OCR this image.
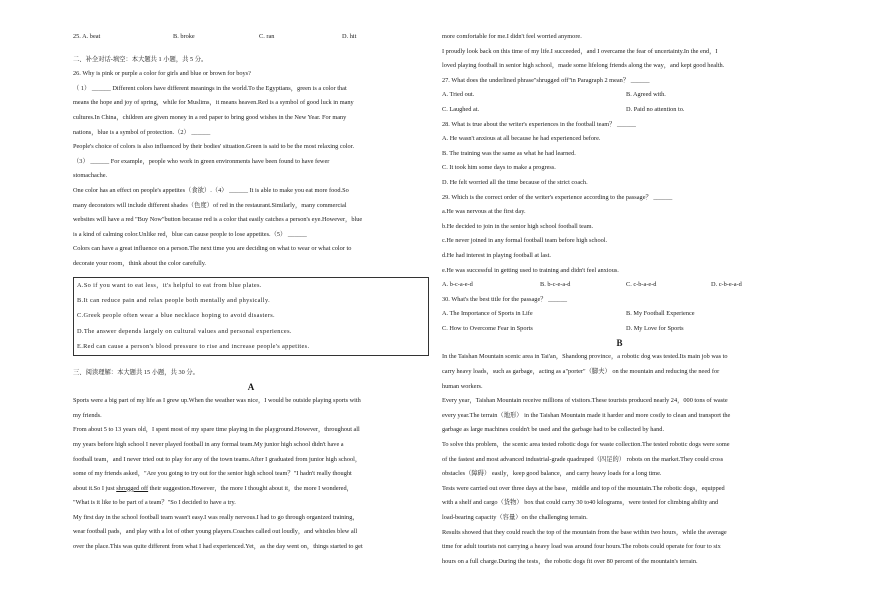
25. A. beat	B. broke	C. ran	D. hit
二、补全对话-填空：本大题共 1 小题，共 5 分。
26. Why is pink or purple a color for girls and blue or brown for boys?
（ 1） ______ Different colors have different meanings in the world.To the Egyptians，green is a color that
means the hope and joy of spring，while for Muslims，it means heaven.Red is a symbol of good luck in many
cultures.In China，children are given money in a red paper to bring good wishes in the New Year. For many
nations，blue is a symbol of protection.（2） ______
People's choice of colors is also influenced by their bodies' situation.Green is said to be the most relaxing color.
（3） ______ For example，people who work in green environments have been found to have fewer
stomachache.
One color has an effect on people's appetites（食欲）.（4） ______ It is able to make you eat more food.So
many decorators will include different shades（色度）of red in the restaurant.Similarly，many commercial
websites will have a red "Buy Now"button because red is a color that easily catches a person's eye.However，blue
is a kind of calming color.Unlike red，blue can cause people to lose appetites.（5） ______
Colors can have a great influence on a person.The next time you are deciding on what to wear or what color to
decorate your room，think about the color carefully.
A.So if you want to eat less，it's helpful to eat from blue plates.
B.It can reduce pain and relax people both mentally and physically.
C.Greek people often wear a blue necklace hoping to avoid disasters.
D.The answer depends largely on cultural values and personal experiences.
E.Red can cause a person's blood pressure to rise and increase people's appetites.
三、阅读理解：本大题共 15 小题，共 30 分。
A
Sports were a big part of my life as I grew up.When the weather was nice，I would be outside playing sports with
my friends.
From about 5 to 13 years old，I spent most of my spare time playing in the playground.However，throughout all
my years before high school I never played football in any formal team.My junior high school didn't have a
football team，and I never tried out to play for any of the town teams.After I graduated from junior high school，
some of my friends asked，"Are you going to try out for the senior high school team？"I hadn't really thought
about it.So I just shrugged off their suggestion.However，the more I thought about it，the more I wondered，
"What is it like to be part of a team？"So I decided to have a try.
My first day in the school football team wasn't easy.I was really nervous.I had to go through organized training，
wear football pads，and play with a lot of other young players.Coaches called out loudly，and whistles blew all
over the place.This was quite different from what I had experienced.Yet，as the day went on，things started to get
more comfortable for me.I didn't feel worried anymore.
I proudly look back on this time of my life.I succeeded，and I overcame the fear of uncertainty.In the end，I
loved playing football in senior high school，made some lifelong friends along the way，and kept good health.
27. What does the underlined phrase"shrugged off"in Paragraph 2 mean？ ______
A. Tried out.	B. Agreed with.
C. Laughed at.	D. Paid no attention to.
28. What is true about the writer's experiences in the football team？ ______
A. He wasn't anxious at all because he had experienced before.
B. The training was the same as what he had learned.
C. It took him some days to make a progress.
D. He felt worried all the time because of the strict coach.
29. Which is the correct order of the writer's experience according to the passage？ ______
a.He was nervous at the first day.
b.He decided to join in the senior high school football team.
c.He never joined in any formal football team before high school.
d.He had interest in playing football at last.
e.He was successful in getting used to training and didn't feel anxious.
A. b-c-a-e-d	B. b-c-e-a-d	C. c-b-a-e-d	D. c-b-e-a-d
30. What's the best title for the passage？ ______
A. The Importance of Sports in Life	B. My Football Experience
C. How to Overcome Fear in Sports	D. My Love for Sports
B
In the Taishan Mountain scenic area in Tai'an，Shandong province，a robotic dog was tested.Its main job was to
carry heavy loads，such as garbage，acting as a"porter"（脚夫） on the mountain and reducing the need for
human workers.
Every year，Taishan Mountain receive millions of visitors.These tourists produced nearly 24，000 tons of waste
every year.The terrain（地形） in the Taishan Mountain made it harder and more costly to clean and transport the
garbage as large machines couldn't be used and the garbage had to be collected by hand.
To solve this problem，the scenic area tested robotic dogs for waste collection.The tested robotic dogs were some
of the fastest and most advanced industrial-grade quadruped（四足的） robots on the market.They could cross
obstacles（障碍） easily，keep good balance，and carry heavy loads for a long time.
Tests were carried out over three days at the base，middle and top of the mountain.The robotic dogs，equipped
with a shelf and cargo（货物） box that could carry 30 to40 kilograms，were tested for climbing ability and
load-bearing capacity（容量）on the challenging terrain.
Results showed that they could reach the top of the mountain from the base within two hours，while the average
time for adult tourists not carrying a heavy load was around four hours.The robots could operate for four to six
hours on a full charge.During the tests，the robotic dogs fit over 80 percent of the mountain's terrain.
